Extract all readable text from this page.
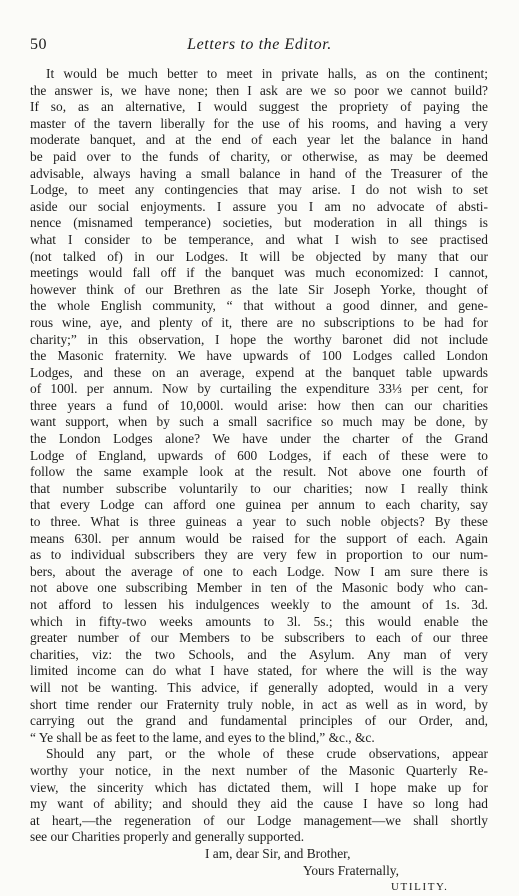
50	Letters to the Editor.
It would be much better to meet in private halls, as on the continent;
the answer is, we have none; then I ask are we so poor we cannot build?
If so, as an alternative, I would suggest the propriety of paying the
master of the tavern liberally for the use of his rooms, and having a very
moderate banquet, and at the end of each year let the balance in hand
be paid over to the funds of charity, or otherwise, as may be deemed
advisable, always having a small balance in hand of the Treasurer of the
Lodge, to meet any contingencies that may arise. I do not wish to set
aside our social enjoyments. I assure you I am no advocate of absti-
nence (misnamed temperance) societies, but moderation in all things is
what I consider to be temperance, and what I wish to see practised
(not talked of) in our Lodges. It will be objected by many that our
meetings would fall off if the banquet was much economized: I cannot,
however think of our Brethren as the late Sir Joseph Yorke, thought of
the whole English community, “ that without a good dinner, and gene-
rous wine, aye, and plenty of it, there are no subscriptions to be had for
charity;” in this observation, I hope the worthy baronet did not include
the Masonic fraternity. We have upwards of 100 Lodges called London
Lodges, and these on an average, expend at the banquet table upwards
of 100l. per annum. Now by curtailing the expenditure 33⅓ per cent, for
three years a fund of 10,000l. would arise: how then can our charities
want support, when by such a small sacrifice so much may be done, by
the London Lodges alone? We have under the charter of the Grand
Lodge of England, upwards of 600 Lodges, if each of these were to
follow the same example look at the result. Not above one fourth of
that number subscribe voluntarily to our charities; now I really think
that every Lodge can afford one guinea per annum to each charity, say
to three. What is three guineas a year to such noble objects? By these
means 630l. per annum would be raised for the support of each. Again
as to individual subscribers they are very few in proportion to our num-
bers, about the average of one to each Lodge. Now I am sure there is
not above one subscribing Member in ten of the Masonic body who can-
not afford to lessen his indulgences weekly to the amount of 1s. 3d.
which in fifty-two weeks amounts to 3l. 5s.; this would enable the
greater number of our Members to be subscribers to each of our three
charities, viz: the two Schools, and the Asylum. Any man of very
limited income can do what I have stated, for where the will is the way
will not be wanting. This advice, if generally adopted, would in a very
short time render our Fraternity truly noble, in act as well as in word, by
carrying out the grand and fundamental principles of our Order, and,
“ Ye shall be as feet to the lame, and eyes to the blind,” &c., &c.
Should any part, or the whole of these crude observations, appear
worthy your notice, in the next number of the Masonic Quarterly Re-
view, the sincerity which has dictated them, will I hope make up for
my want of ability; and should they aid the cause I have so long had
at heart,—the regeneration of our Lodge management—we shall shortly
see our Charities properly and generally supported.
I am, dear Sir, and Brother,
Yours Fraternally,
UTILITY.
